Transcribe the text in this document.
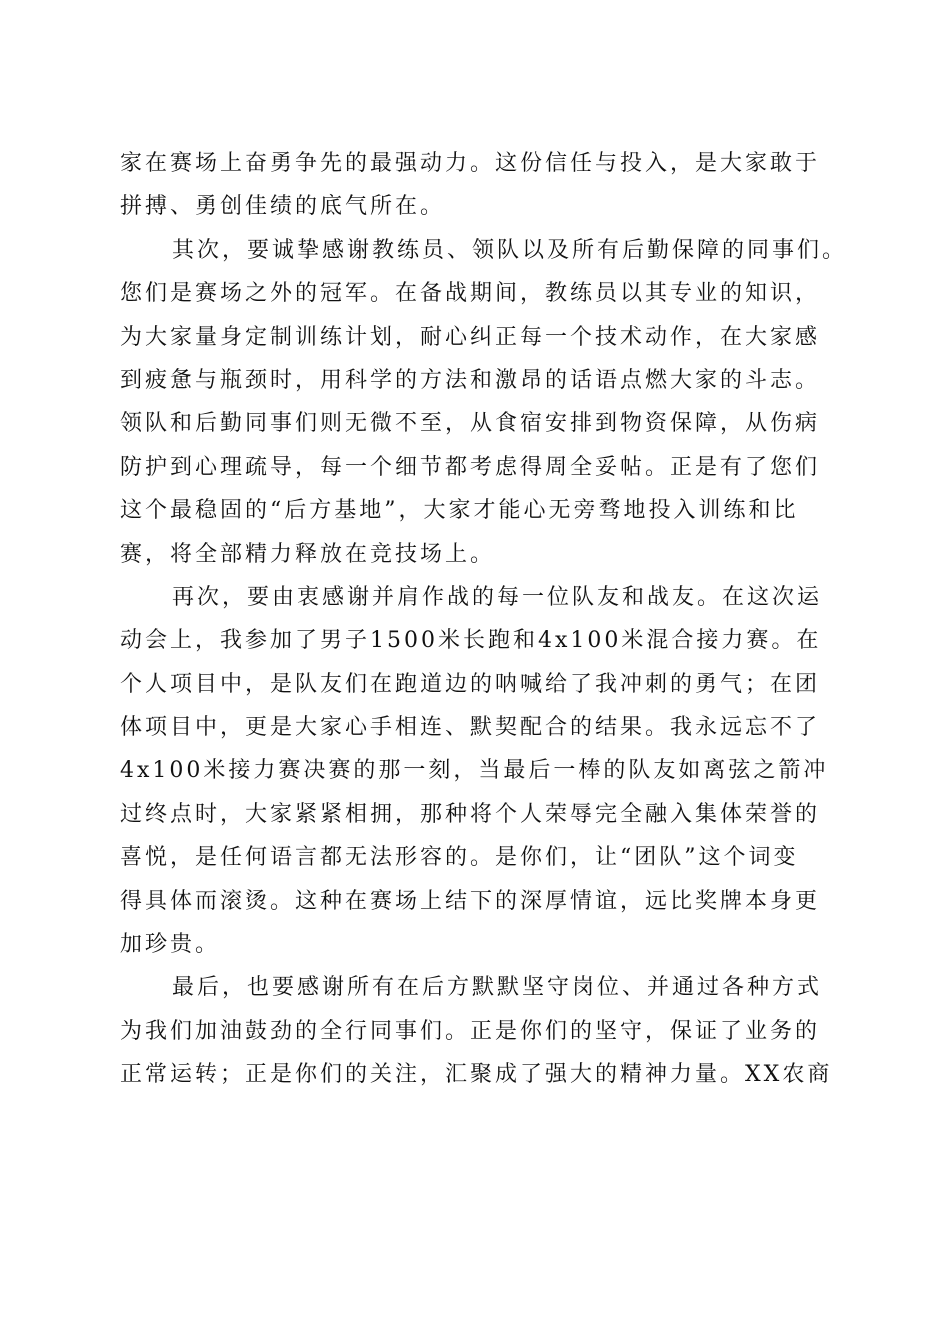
家在赛场上奋勇争先的最强动力。这份信任与投入，是大家敢于
拼搏、勇创佳绩的底气所在。
其次，要诚挚感谢教练员、领队以及所有后勤保障的同事们。
您们是赛场之外的冠军。在备战期间，教练员以其专业的知识，
为大家量身定制训练计划，耐心纠正每一个技术动作，在大家感
到疲惫与瓶颈时，用科学的方法和激昂的话语点燃大家的斗志。
领队和后勤同事们则无微不至，从食宿安排到物资保障，从伤病
防护到心理疏导，每一个细节都考虑得周全妥帖。正是有了您们
这个最稳固的“后方基地”，大家才能心无旁骛地投入训练和比
赛，将全部精力释放在竞技场上。
再次，要由衷感谢并肩作战的每一位队友和战友。在这次运
动会上，我参加了男子1500米长跑和4x100米混合接力赛。在
个人项目中，是队友们在跑道边的呐喊给了我冲刺的勇气；在团
体项目中，更是大家心手相连、默契配合的结果。我永远忘不了
4x100米接力赛决赛的那一刻，当最后一棒的队友如离弦之箭冲
过终点时，大家紧紧相拥，那种将个人荣辱完全融入集体荣誉的
喜悦，是任何语言都无法形容的。是你们，让“团队”这个词变
得具体而滚烫。这种在赛场上结下的深厚情谊，远比奖牌本身更
加珍贵。
最后，也要感谢所有在后方默默坚守岗位、并通过各种方式
为我们加油鼓劲的全行同事们。正是你们的坚守，保证了业务的
正常运转；正是你们的关注，汇聚成了强大的精神力量。XX农商
